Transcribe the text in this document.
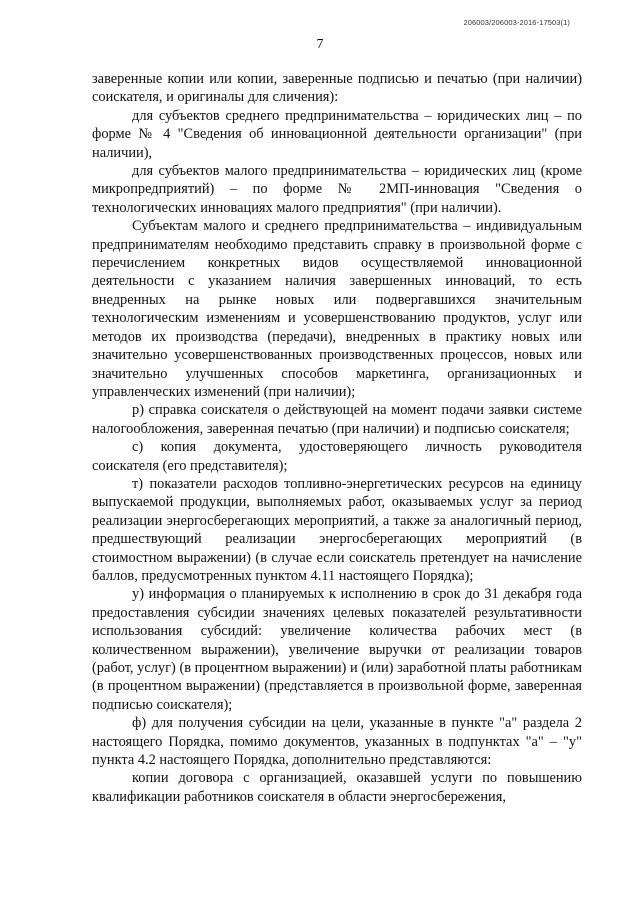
206003/206003-2016-17503(1)
7

заверенные копии или копии, заверенные подписью и печатью (при наличии) соискателя, и оригиналы для сличения):

для субъектов среднего предпринимательства – юридических лиц – по форме № 4 "Сведения об инновационной деятельности организации" (при наличии),

для субъектов малого предпринимательства – юридических лиц (кроме микропредприятий) – по форме № 2МП-инновация "Сведения о технологических инновациях малого предприятия" (при наличии).

Субъектам малого и среднего предпринимательства – индивидуальным предпринимателям необходимо представить справку в произвольной форме с перечислением конкретных видов осуществляемой инновационной деятельности с указанием наличия завершенных инноваций, то есть внедренных на рынке новых или подвергавшихся значительным технологическим изменениям и усовершенствованию продуктов, услуг или методов их производства (передачи), внедренных в практику новых или значительно усовершенствованных производственных процессов, новых или значительно улучшенных способов маркетинга, организационных и управленческих изменений (при наличии);

р) справка соискателя о действующей на момент подачи заявки системе налогообложения, заверенная печатью (при наличии) и подписью соискателя;

с) копия документа, удостоверяющего личность руководителя соискателя (его представителя);

т) показатели расходов топливно-энергетических ресурсов на единицу выпускаемой продукции, выполняемых работ, оказываемых услуг за период реализации энергосберегающих мероприятий, а также за аналогичный период, предшествующий реализации энергосберегающих мероприятий (в стоимостном выражении) (в случае если соискатель претендует на начисление баллов, предусмотренных пунктом 4.11 настоящего Порядка);

у) информация о планируемых к исполнению в срок до 31 декабря года предоставления субсидии значениях целевых показателей результативности использования субсидий: увеличение количества рабочих мест (в количественном выражении), увеличение выручки от реализации товаров (работ, услуг) (в процентном выражении) и (или) заработной платы работникам (в процентном выражении) (представляется в произвольной форме, заверенная подписью соискателя);

ф) для получения субсидии на цели, указанные в пункте "а" раздела 2 настоящего Порядка, помимо документов, указанных в подпунктах "а" – "у" пункта 4.2 настоящего Порядка, дополнительно представляются:

копии договора с организацией, оказавшей услуги по повышению квалификации работников соискателя в области энергосбережения,
